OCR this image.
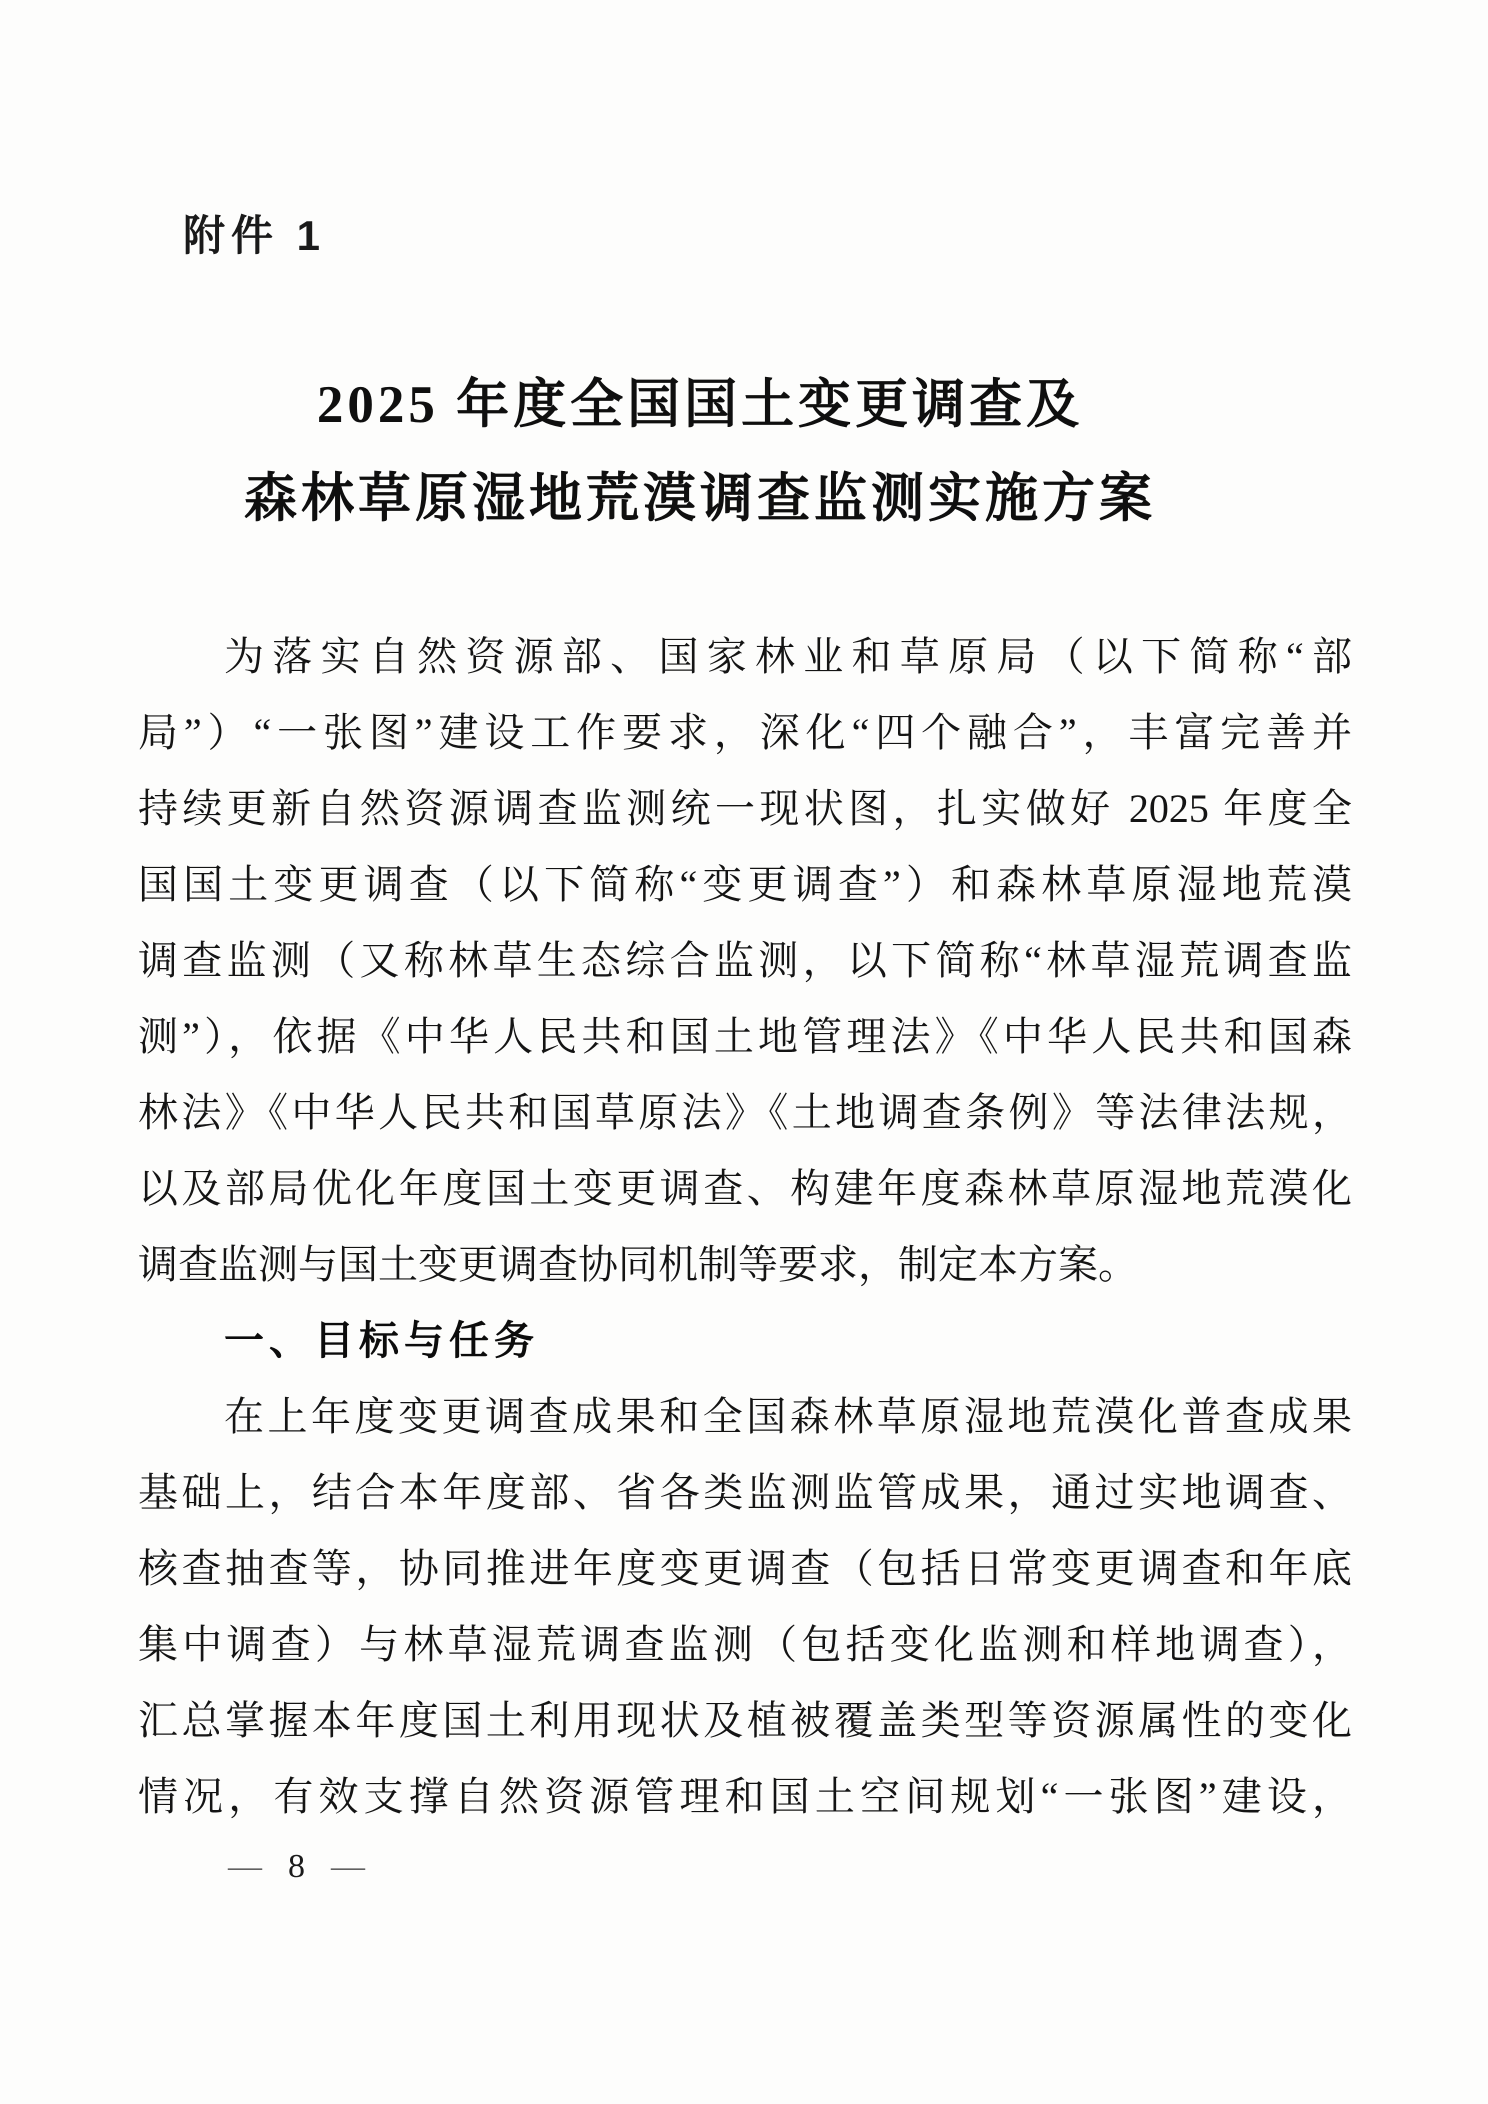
附件 1
2025 年度全国国土变更调查及
森林草原湿地荒漠调查监测实施方案
为落实自然资源部、国家林业和草原局（以下简称“部
局”）“一张图”建设工作要求，深化“四个融合”，丰富完善并
持续更新自然资源调查监测统一现状图，扎实做好 2025 年度全
国国土变更调查（以下简称“变更调查”）和森林草原湿地荒漠
调查监测（又称林草生态综合监测，以下简称“林草湿荒调查监
测”），依据《中华人民共和国土地管理法》《中华人民共和国森
林法》《中华人民共和国草原法》《土地调查条例》等法律法规，
以及部局优化年度国土变更调查、构建年度森林草原湿地荒漠化
调查监测与国土变更调查协同机制等要求，制定本方案。
一、目标与任务
在上年度变更调查成果和全国森林草原湿地荒漠化普查成果
基础上，结合本年度部、省各类监测监管成果，通过实地调查、
核查抽查等，协同推进年度变更调查（包括日常变更调查和年底
集中调查）与林草湿荒调查监测（包括变化监测和样地调查），
汇总掌握本年度国土利用现状及植被覆盖类型等资源属性的变化
情况，有效支撑自然资源管理和国土空间规划“一张图”建设，
— 8 —
